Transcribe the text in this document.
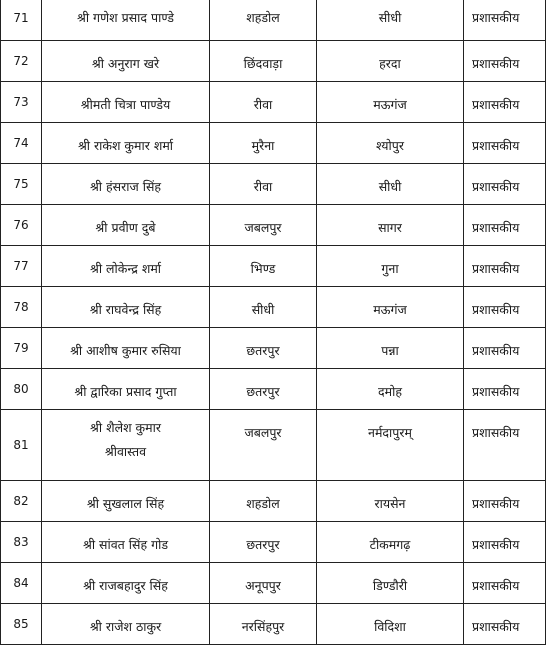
71	श्री गणेश प्रसाद पाण्डे	शहडोल	सीधी	प्रशासकीय

72	श्री अनुराग खरे	छिंदवाड़ा	हरदा	प्रशासकीय

73	श्रीमती चित्रा पाण्डेय	रीवा	मऊगंज	प्रशासकीय

74	श्री राकेश कुमार शर्मा	मुरैना	श्योपुर	प्रशासकीय

75	श्री हंसराज सिंह	रीवा	सीधी	प्रशासकीय

76	श्री प्रवीण दुबे	जबलपुर	सागर	प्रशासकीय

77	श्री लोकेन्द्र शर्मा	भिण्ड	गुना	प्रशासकीय

78	श्री राघवेन्द्र सिंह	सीधी	मऊगंज	प्रशासकीय

79	श्री आशीष कुमार रुसिया	छतरपुर	पन्ना	प्रशासकीय

80	श्री द्वारिका प्रसाद गुप्ता	छतरपुर	दमोह	प्रशासकीय

81	श्री शैलेश कुमार श्रीवास्तव	जबलपुर	नर्मदापुरम्	प्रशासकीय

82	श्री सुखलाल सिंह	शहडोल	रायसेन	प्रशासकीय

83	श्री सांवत सिंह गोड	छतरपुर	टीकमगढ़	प्रशासकीय

84	श्री राजबहादुर सिंह	अनूपपुर	डिण्डौरी	प्रशासकीय

85	श्री राजेश ठाकुर	नरसिंहपुर	विदिशा	प्रशासकीय
